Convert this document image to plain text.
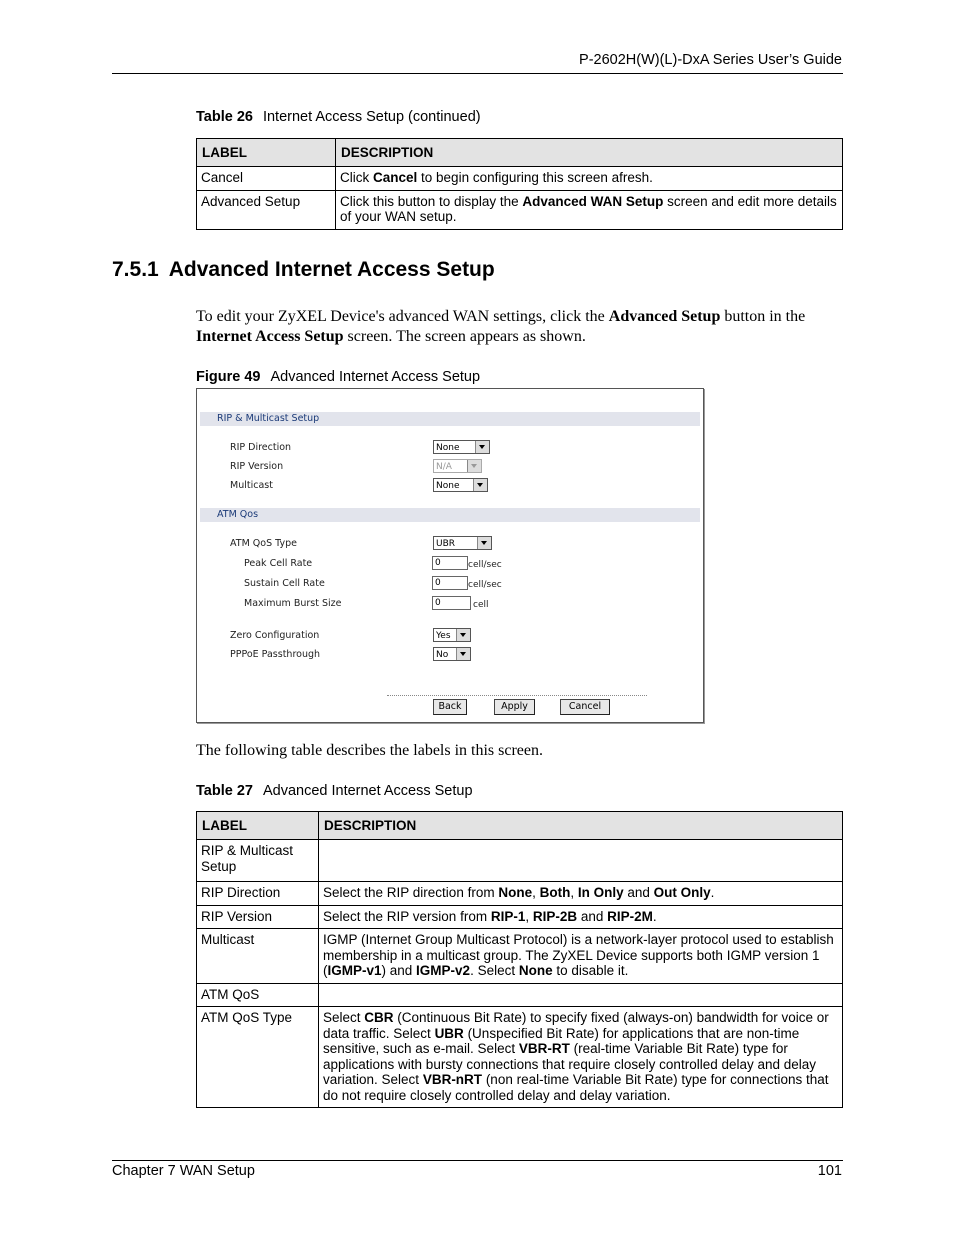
P-2602H(W)(L)-DxA Series User’s Guide
Table 26 Internet Access Setup (continued)
LABEL	DESCRIPTION
Cancel	Click Cancel to begin configuring this screen afresh.
Advanced Setup	Click this button to display the Advanced WAN Setup screen and edit more details of your WAN setup.
7.5.1 Advanced Internet Access Setup
To edit your ZyXEL Device's advanced WAN settings, click the Advanced Setup button in the Internet Access Setup screen. The screen appears as shown.
Figure 49 Advanced Internet Access Setup
RIP & Multicast Setup
RIP Direction	None
RIP Version	N/A
Multicast	None
ATM Qos
ATM QoS Type	UBR
Peak Cell Rate	0	cell/sec
Sustain Cell Rate	0	cell/sec
Maximum Burst Size	0	cell
Zero Configuration	Yes
PPPoE Passthrough	No
Back	Apply	Cancel
The following table describes the labels in this screen.
Table 27 Advanced Internet Access Setup
LABEL	DESCRIPTION
RIP & Multicast Setup	
RIP Direction	Select the RIP direction from None, Both, In Only and Out Only.
RIP Version	Select the RIP version from RIP-1, RIP-2B and RIP-2M.
Multicast	IGMP (Internet Group Multicast Protocol) is a network-layer protocol used to establish membership in a multicast group. The ZyXEL Device supports both IGMP version 1 (IGMP-v1) and IGMP-v2. Select None to disable it.
ATM QoS	
ATM QoS Type	Select CBR (Continuous Bit Rate) to specify fixed (always-on) bandwidth for voice or data traffic. Select UBR (Unspecified Bit Rate) for applications that are non-time sensitive, such as e-mail. Select VBR-RT (real-time Variable Bit Rate) type for applications with bursty connections that require closely controlled delay and delay variation. Select VBR-nRT (non real-time Variable Bit Rate) type for connections that do not require closely controlled delay and delay variation.
Chapter 7 WAN Setup	101
